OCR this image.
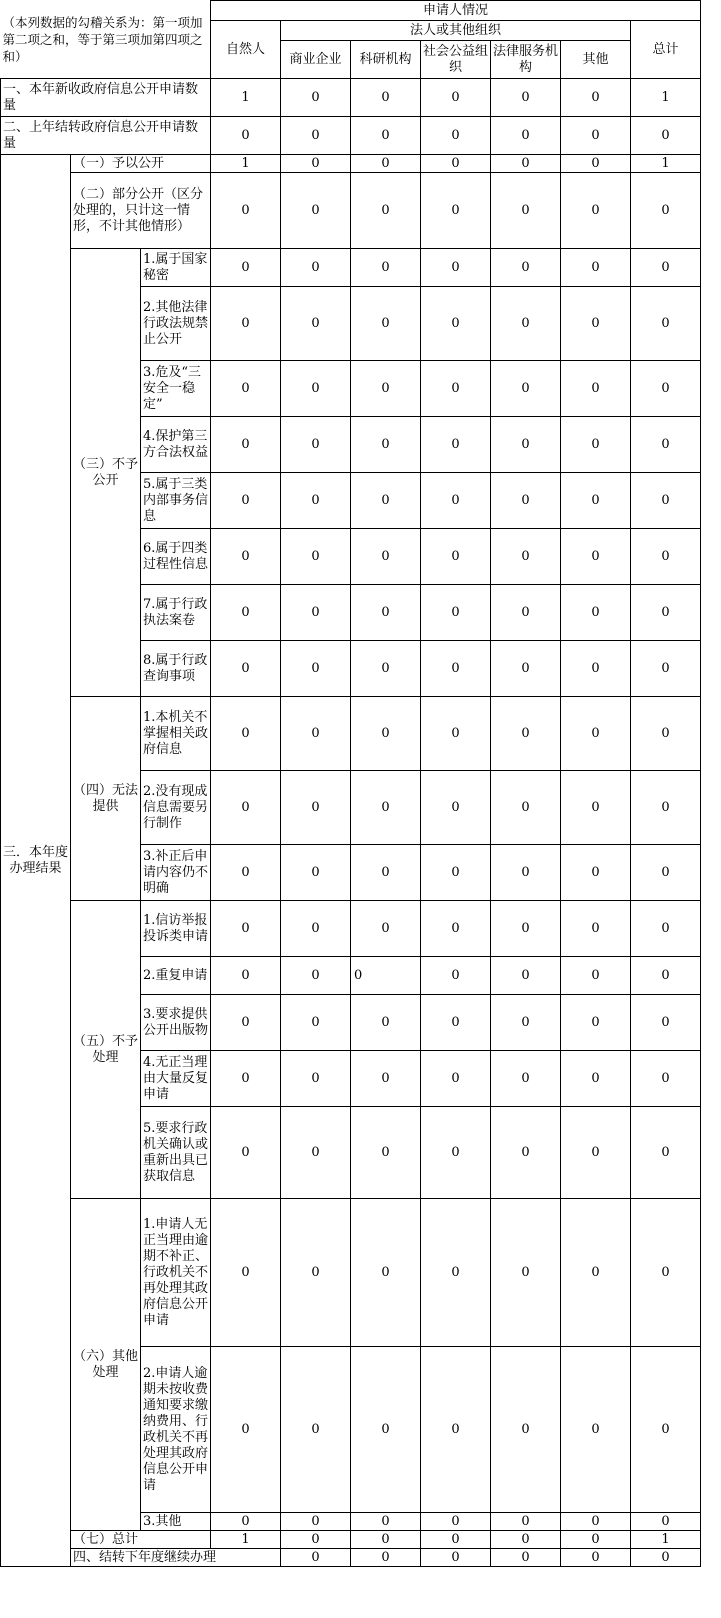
（本列数据的勾稽关系为：第一项加第二项之和，等于第三项加第四项之和）			申请人情况							
			自然人	法人或其他组织					总计	
				商业企业	科研机构	社会公益组织	法律服务机构	其他		
一、本年新收政府信息公开申请数量			1	0	0	0	0	0	1	
二、上年结转政府信息公开申请数量			0	0	0	0	0	0	0	
三．本年度办理结果	（一）予以公开		1	0	0	0	0	0	1	
	（二）部分公开（区分处理的，只计这一情形，不计其他情形）		0	0	0	0	0	0	0	
	（三）不予公开	1.属于国家秘密	0	0	0	0	0	0	0	
		2.其他法律行政法规禁止公开	0	0	0	0	0	0	0	
		3.危及“三安全一稳定”	0	0	0	0	0	0	0	
		4.保护第三方合法权益	0	0	0	0	0	0	0	
		5.属于三类内部事务信息	0	0	0	0	0	0	0	
		6.属于四类过程性信息	0	0	0	0	0	0	0	
		7.属于行政执法案卷	0	0	0	0	0	0	0	
		8.属于行政查询事项	0	0	0	0	0	0	0	
	（四）无法 提供	1.本机关不掌握相关政府信息	0	0	0	0	0	0	0	
		2.没有现成信息需要另行制作	0	0	0	0	0	0	0	
		3.补正后申请内容仍不明确	0	0	0	0	0	0	0	
	（五）不予 处理	1.信访举报投诉类申请	0	0	0	0	0	0	0	
		2.重复申请	0	0	0	0	0	0	0	
		3.要求提供公开出版物	0	0	0	0	0	0	0	
		4.无正当理由大量反复申请	0	0	0	0	0	0	0	
		5.要求行政机关确认或重新出具已获取信息	0	0	0	0	0	0	0	
	（六）其他 处理	1.申请人无正当理由逾期不补正、行政机关不再处理其政府信息公开申请	0	0	0	0	0	0	0	
		2.申请人逾期未按收费通知要求缴纳费用、行政机关不再处理其政府信息公开申请	0	0	0	0	0	0	0	
		3.其他	0	0	0	0	0	0	0	
	（七）总计		1	0	0	0	0	0	1	
	四、结转下年度继续办理			0	0	0	0	0	0	
